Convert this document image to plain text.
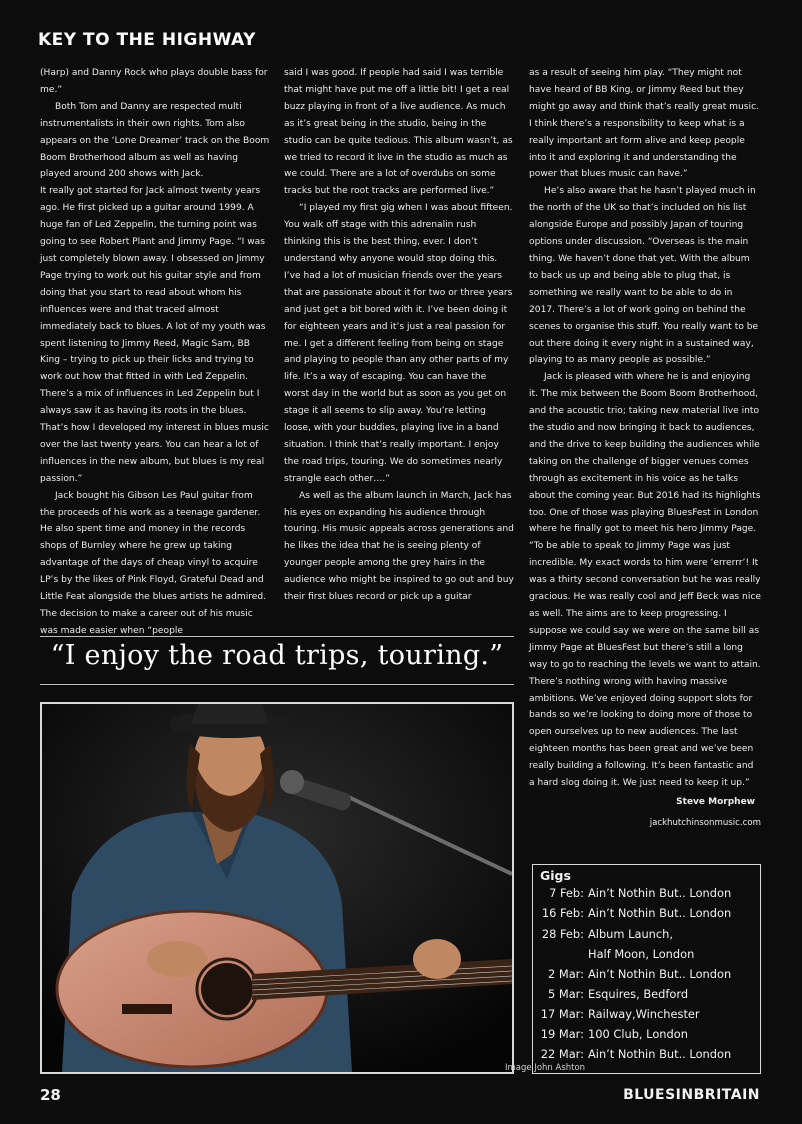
KEY TO THE HIGHWAY

(Harp) and Danny Rock who plays double bass for me.”

Both Tom and Danny are respected multi instrumentalists in their own rights. Tom also appears on the ‘Lone Dreamer’ track on the Boom Boom Brotherhood album as well as having played around 200 shows with Jack.

It really got started for Jack almost twenty years ago. He first picked up a guitar around 1999. A huge fan of Led Zeppelin, the turning point was going to see Robert Plant and Jimmy Page. “I was just completely blown away. I obsessed on Jimmy Page trying to work out his guitar style and from doing that you start to read about whom his influences were and that traced almost immediately back to blues. A lot of my youth was spent listening to Jimmy Reed, Magic Sam, BB King – trying to pick up their licks and trying to work out how that fitted in with Led Zeppelin. There’s a mix of influences in Led Zeppelin but I always saw it as having its roots in the blues. That’s how I developed my interest in blues music over the last twenty years. You can hear a lot of influences in the new album, but blues is my real passion.”

Jack bought his Gibson Les Paul guitar from the proceeds of his work as a teenage gardener. He also spent time and money in the records shops of Burnley where he grew up taking advantage of the days of cheap vinyl to acquire LP’s by the likes of Pink Floyd, Grateful Dead and Little Feat alongside the blues artists he admired. The decision to make a career out of his music was made easier when “people

said I was good. If people had said I was terrible that might have put me off a little bit! I get a real buzz playing in front of a live audience. As much as it’s great being in the studio, being in the studio can be quite tedious. This album wasn’t, as we tried to record it live in the studio as much as we could. There are a lot of overdubs on some tracks but the root tracks are performed live.”

“I played my first gig when I was about fifteen. You walk off stage with this adrenalin rush thinking this is the best thing, ever. I don’t understand why anyone would stop doing this. I’ve had a lot of musician friends over the years that are passionate about it for two or three years and just get a bit bored with it. I’ve been doing it for eighteen years and it’s just a real passion for me. I get a different feeling from being on stage and playing to people than any other parts of my life. It’s a way of escaping. You can have the worst day in the world but as soon as you get on stage it all seems to slip away. You’re letting loose, with your buddies, playing live in a band situation. I think that’s really important. I enjoy the road trips, touring. We do sometimes nearly strangle each other….”

As well as the album launch in March, Jack has his eyes on expanding his audience through touring. His music appeals across generations and he likes the idea that he is seeing plenty of younger people among the grey hairs in the audience who might be inspired to go out and buy their first blues record or pick up a guitar

as a result of seeing him play. “They might not have heard of BB King, or Jimmy Reed but they might go away and think that’s really great music. I think there’s a responsibility to keep what is a really important art form alive and keep people into it and exploring it and understanding the power that blues music can have.”

He’s also aware that he hasn’t played much in the north of the UK so that’s included on his list alongside Europe and possibly Japan of touring options under discussion. “Overseas is the main thing. We haven’t done that yet. With the album to back us up and being able to plug that, is something we really want to be able to do in 2017. There’s a lot of work going on behind the scenes to organise this stuff. You really want to be out there doing it every night in a sustained way, playing to as many people as possible.”

Jack is pleased with where he is and enjoying it. The mix between the Boom Boom Brotherhood, and the acoustic trio; taking new material live into the studio and now bringing it back to audiences, and the drive to keep building the audiences while taking on the challenge of bigger venues comes through as excitement in his voice as he talks about the coming year. But 2016 had its highlights too. One of those was playing BluesFest in London where he finally got to meet his hero Jimmy Page. “To be able to speak to Jimmy Page was just incredible. My exact words to him were ‘errerrr’! It was a thirty second conversation but he was really gracious. He was really cool and Jeff Beck was nice as well. The aims are to keep progressing. I suppose we could say we were on the same bill as Jimmy Page at BluesFest but there’s still a long way to go to reaching the levels we want to attain. There’s nothing wrong with having massive ambitions. We’ve enjoyed doing support slots for bands so we’re looking to doing more of those to open ourselves up to new audiences. The last eighteen months has been great and we’ve been really building a following. It’s been fantastic and a hard slog doing it. We just need to keep it up.”

Steve Morphew
jackhutchinsonmusic.com
“I enjoy the road trips, touring.”
Image John Ashton
Gigs
7 Feb: Ain’t Nothin But.. London
16 Feb: Ain’t Nothin But.. London
28 Feb: Album Launch,
Half Moon, London
2 Mar: Ain’t Nothin But.. London
5 Mar: Esquires, Bedford
17 Mar: Railway,Winchester
19 Mar: 100 Club, London
22 Mar: Ain’t Nothin But.. London
28	BLUESINBRITAIN
